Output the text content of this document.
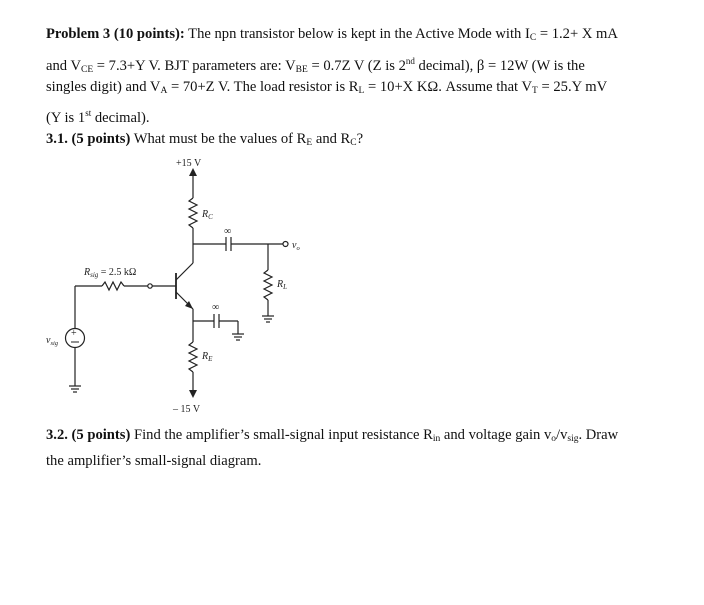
Problem 3 (10 points): The npn transistor below is kept in the Active Mode with $I_C = 1.2+ X$ mA
and $V_{CE} = 7.3+Y$ V. BJT parameters are: $V_{BE} = 0.7Z$ V (Z is 2nd decimal), β = 12W (W is the
singles digit) and $V_A = 70+Z$ V. The load resistor is $R_L = 10+X$ KΩ. Assume that $V_T = 25.Y$ mV
(Y is 1st decimal).
3.1. (5 points) What must be the values of $R_E$ and $R_C$?
+15 V
– 15 V
$R_C$
$R_E$
$R_L$
$R_{sig} = 2.5$ kΩ
$v_{sig}$
+
$v_o$
∞
∞
3.2. (5 points) Find the amplifier’s small-signal input resistance $R_{in}$ and voltage gain $v_o/v_{sig}$. Draw
the amplifier’s small-signal diagram.
